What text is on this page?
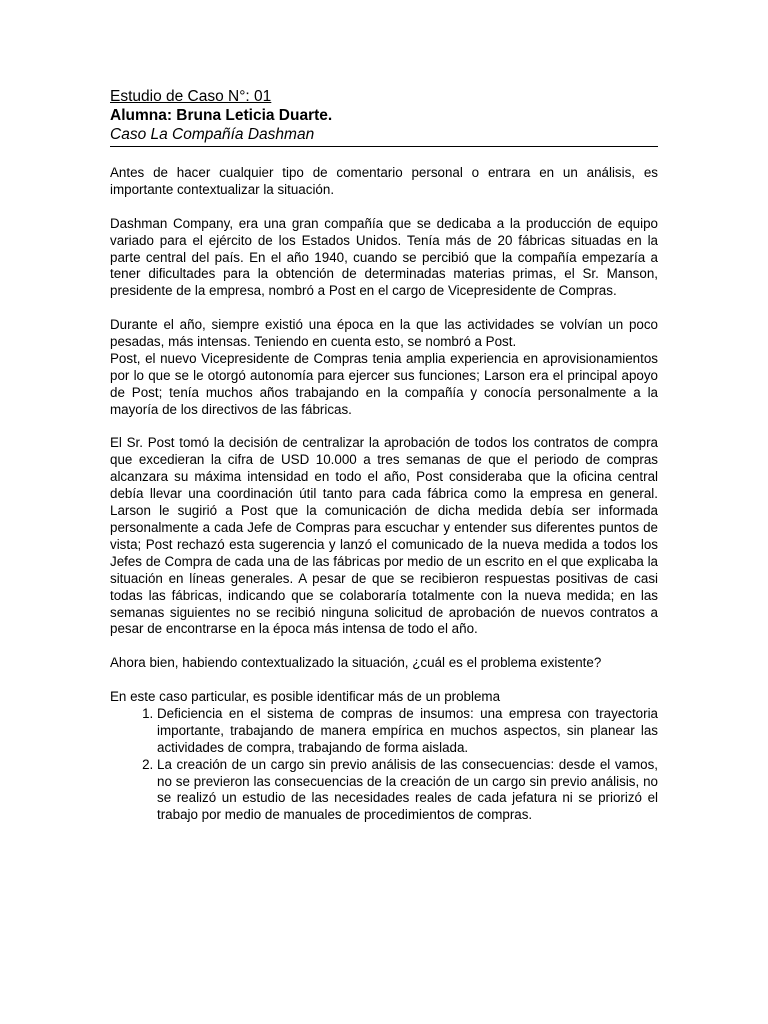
Estudio de Caso N°: 01
Alumna: Bruna Leticia Duarte.
Caso La Compañía Dashman

Antes de hacer cualquier tipo de comentario personal o entrara en un análisis, es importante contextualizar la situación.

Dashman Company, era una gran compañía que se dedicaba a la producción de equipo variado para el ejército de los Estados Unidos. Tenía más de 20 fábricas situadas en la parte central del país. En el año 1940, cuando se percibió que la compañía empezaría a tener dificultades para la obtención de determinadas materias primas, el Sr. Manson, presidente de la empresa, nombró a Post en el cargo de Vicepresidente de Compras.

Durante el año, siempre existió una época en la que las actividades se volvían un poco pesadas, más intensas. Teniendo en cuenta esto, se nombró a Post.

Post, el nuevo Vicepresidente de Compras tenia amplia experiencia en aprovisionamientos por lo que se le otorgó autonomía para ejercer sus funciones; Larson era el principal apoyo de Post; tenía muchos años trabajando en la compañía y conocía personalmente a la mayoría de los directivos de las fábricas.

El Sr. Post tomó la decisión de centralizar la aprobación de todos los contratos de compra que excedieran la cifra de USD 10.000 a tres semanas de que el periodo de compras alcanzara su máxima intensidad en todo el año, Post consideraba que la oficina central debía llevar una coordinación útil tanto para cada fábrica como la empresa en general. Larson le sugirió a Post que la comunicación de dicha medida debía ser informada personalmente a cada Jefe de Compras para escuchar y entender sus diferentes puntos de vista; Post rechazó esta sugerencia y lanzó el comunicado de la nueva medida a todos los Jefes de Compra de cada una de las fábricas por medio de un escrito en el que explicaba la situación en líneas generales. A pesar de que se recibieron respuestas positivas de casi todas las fábricas, indicando que se colaboraría totalmente con la nueva medida; en las semanas siguientes no se recibió ninguna solicitud de aprobación de nuevos contratos a pesar de encontrarse en la época más intensa de todo el año.

Ahora bien, habiendo contextualizado la situación, ¿cuál es el problema existente?

En este caso particular, es posible identificar más de un problema

1. Deficiencia en el sistema de compras de insumos: una empresa con trayectoria importante, trabajando de manera empírica en muchos aspectos, sin planear las actividades de compra, trabajando de forma aislada.
2. La creación de un cargo sin previo análisis de las consecuencias: desde el vamos, no se previeron las consecuencias de la creación de un cargo sin previo análisis, no se realizó un estudio de las necesidades reales de cada jefatura ni se priorizó el trabajo por medio de manuales de procedimientos de compras.
